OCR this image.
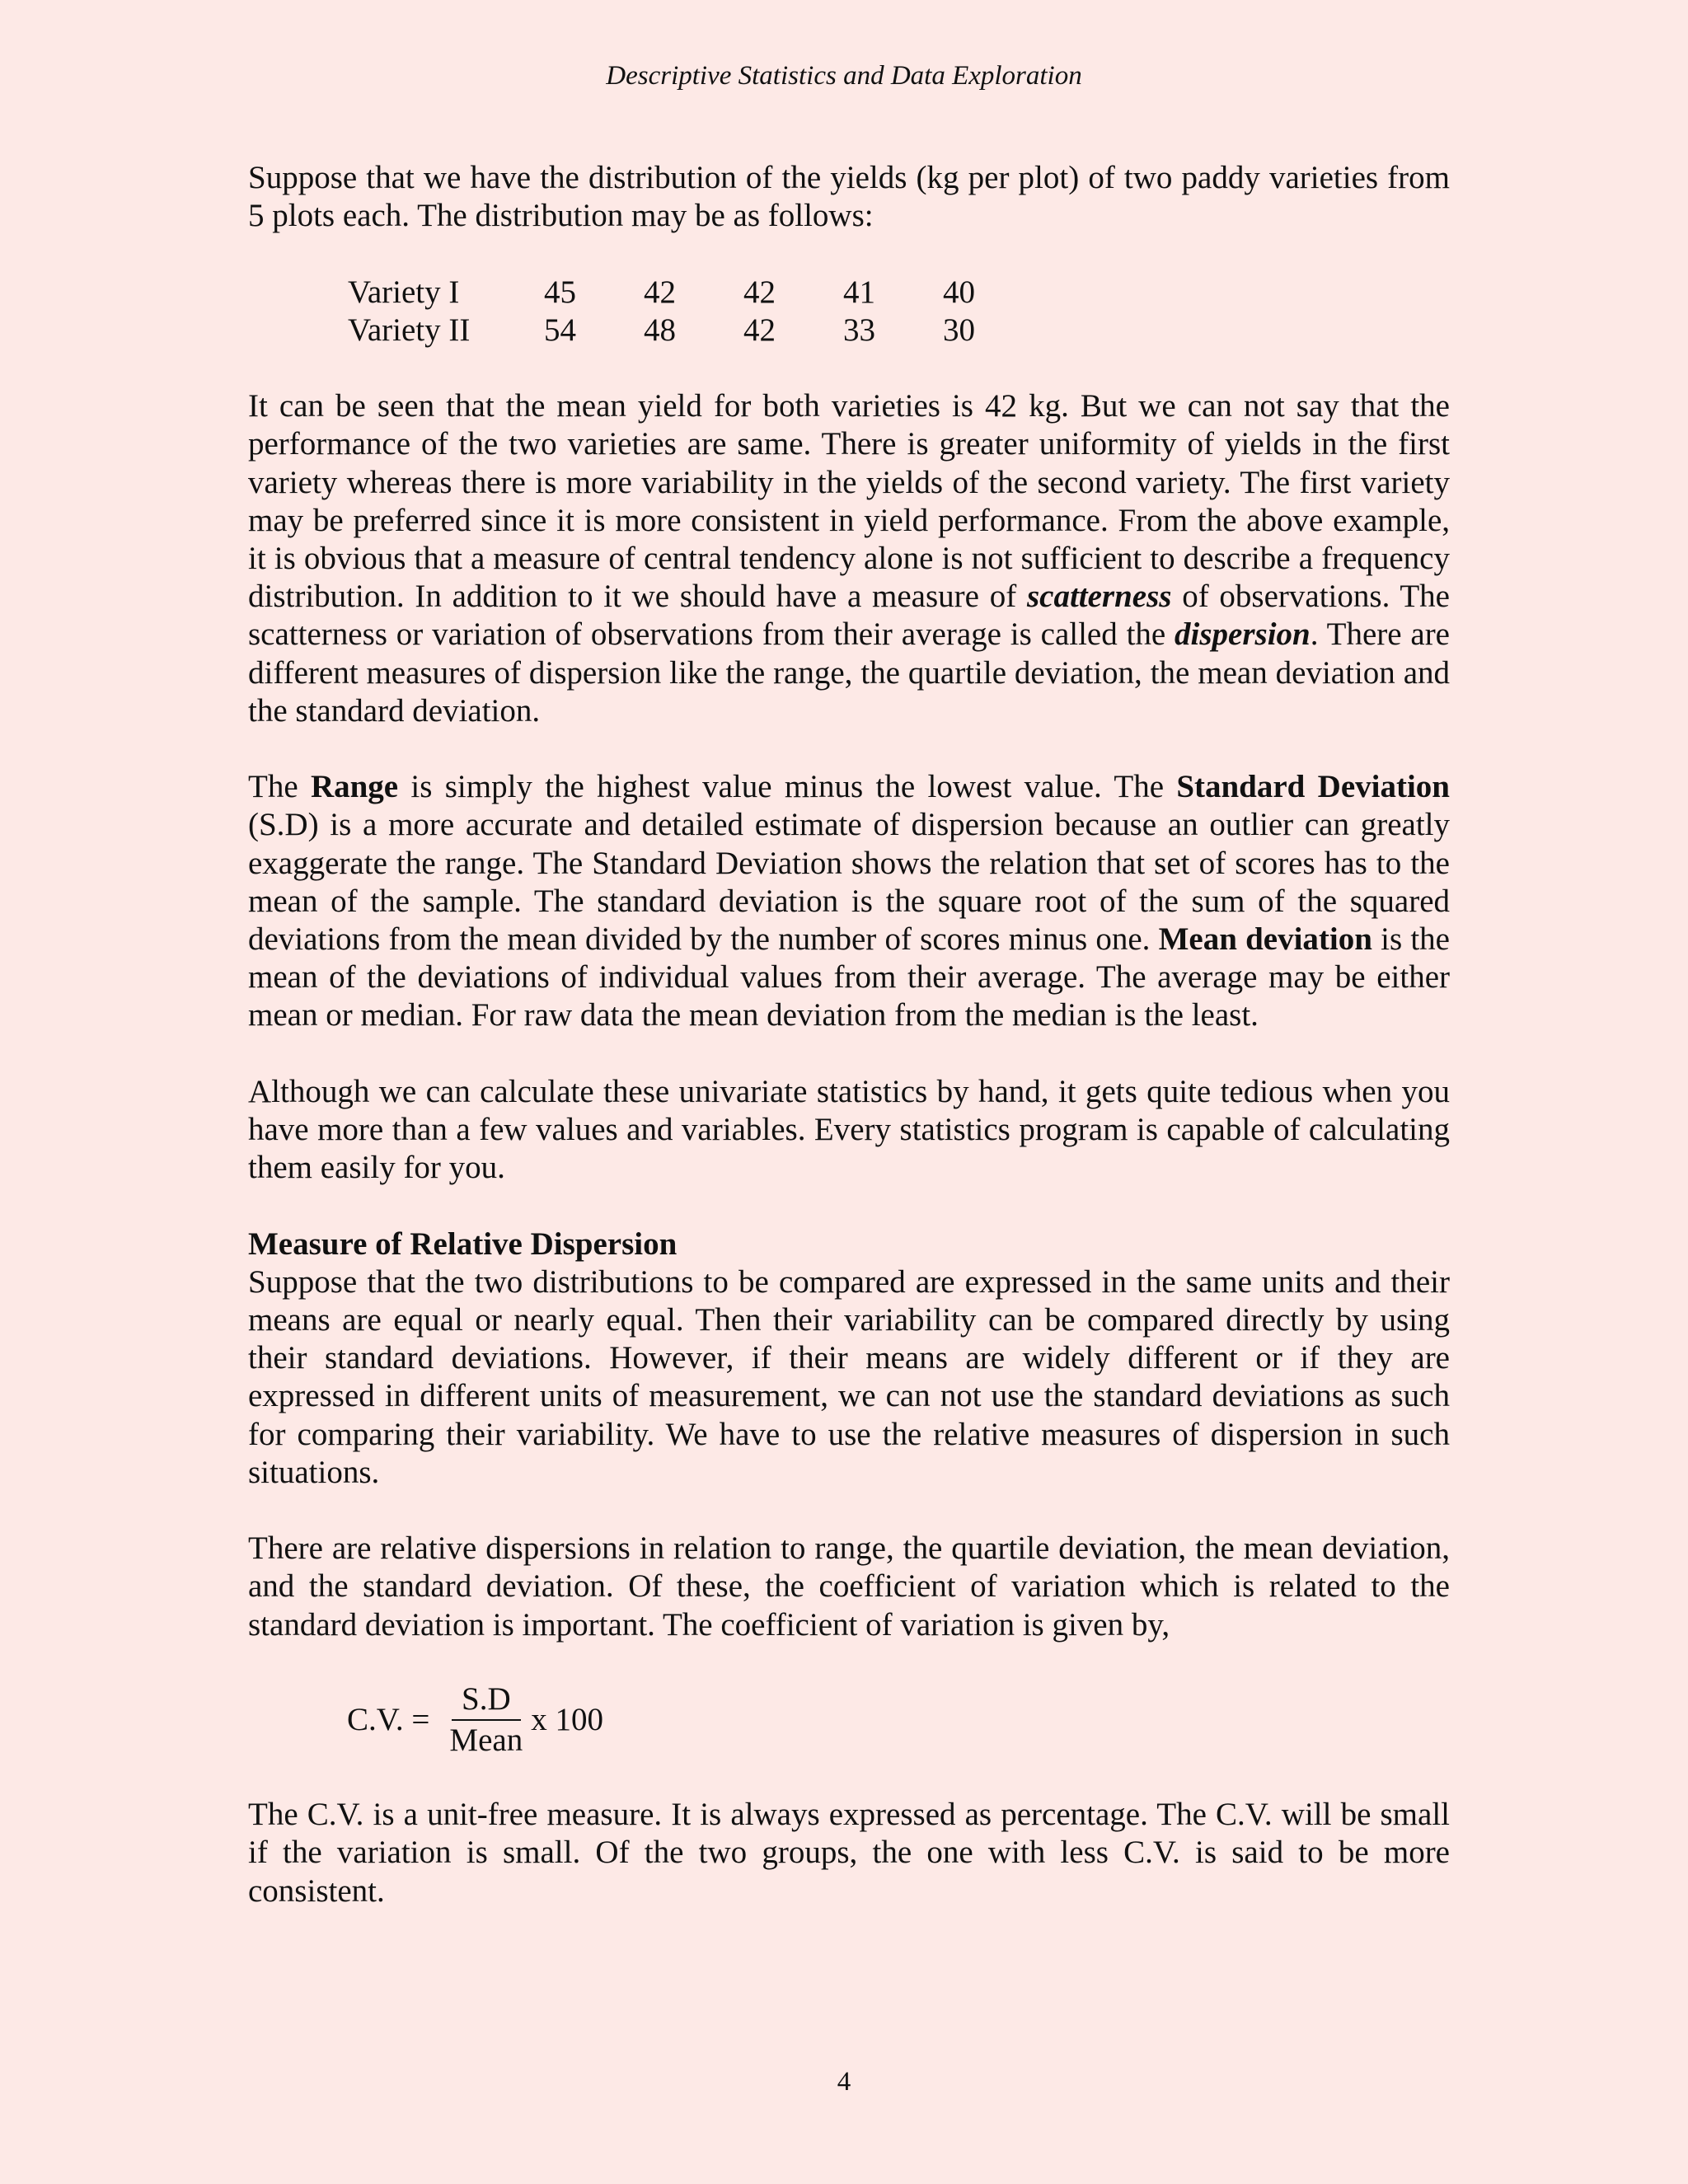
Descriptive Statistics and Data Exploration

Suppose that we have the distribution of the yields (kg per plot) of two paddy varieties from 5 plots each. The distribution may be as follows:

Variety I	45	42	42	41	40
Variety II	54	48	42	33	30

It can be seen that the mean yield for both varieties is 42 kg. But we can not say that the performance of the two varieties are same. There is greater uniformity of yields in the first variety whereas there is more variability in the yields of the second variety. The first variety may be preferred since it is more consistent in yield performance. From the above example, it is obvious that a measure of central tendency alone is not sufficient to describe a frequency distribution. In addition to it we should have a measure of scatterness of observations. The scatterness or variation of observations from their average is called the dispersion. There are different measures of dispersion like the range, the quartile deviation, the mean deviation and the standard deviation.

The Range is simply the highest value minus the lowest value. The Standard Deviation (S.D) is a more accurate and detailed estimate of dispersion because an outlier can greatly exaggerate the range. The Standard Deviation shows the relation that set of scores has to the mean of the sample. The standard deviation is the square root of the sum of the squared deviations from the mean divided by the number of scores minus one. Mean deviation is the mean of the deviations of individual values from their average. The average may be either mean or median. For raw data the mean deviation from the median is the least.

Although we can calculate these univariate statistics by hand, it gets quite tedious when you have more than a few values and variables. Every statistics program is capable of calculating them easily for you.

Measure of Relative Dispersion

Suppose that the two distributions to be compared are expressed in the same units and their means are equal or nearly equal. Then their variability can be compared directly by using their standard deviations. However, if their means are widely different or if they are expressed in different units of measurement, we can not use the standard deviations as such for comparing their variability. We have to use the relative measures of dispersion in such situations.

There are relative dispersions in relation to range, the quartile deviation, the mean deviation, and the standard deviation. Of these, the coefficient of variation which is related to the standard deviation is important. The coefficient of variation is given by,

C.V. = $\frac{S.D}{\text{Mean}}$ x 100

The C.V. is a unit-free measure. It is always expressed as percentage. The C.V. will be small if the variation is small. Of the two groups, the one with less C.V. is said to be more consistent.

4
